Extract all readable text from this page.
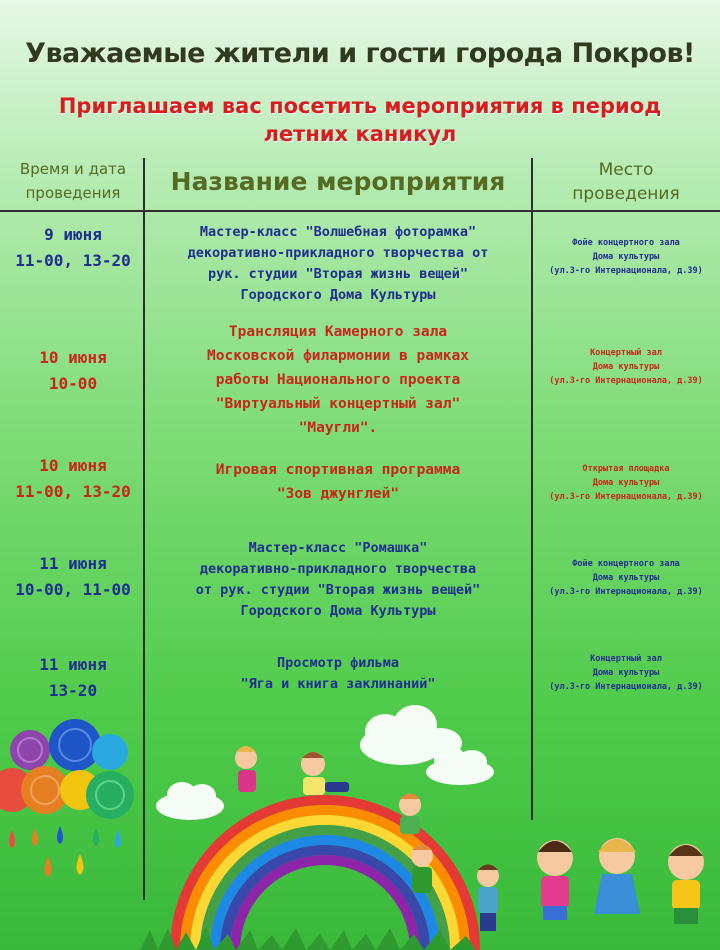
Уважаемые жители и гости города Покров!
Приглашаем вас посетить мероприятия в период
летних каникул
Время и дата
проведения	Название мероприятия	Место
проведения
9 июня
11-00, 13-20
Мастер-класс "Волшебная фоторамка"
декоративно-прикладного творчества от
рук. студии "Вторая жизнь вещей"
Городского Дома Культуры
Фойе концертного зала
Дома культуры
(ул.3-го Интернационала, д.39)
10 июня
10-00
Трансляция Камерного зала
Московской филармонии в рамках
работы Национального проекта
"Виртуальный концертный зал"
"Маугли".
Концертный зал
Дома культуры
(ул.3-го Интернационала, д.39)
10 июня
11-00, 13-20
Игровая спортивная программа
"Зов джунглей"
Открытая площадка
Дома культуры
(ул.3-го Интернационала, д.39)
11 июня
10-00, 11-00
Мастер-класс "Ромашка"
декоративно-прикладного творчества
от рук. студии "Вторая жизнь вещей"
Городского Дома Культуры
Фойе концертного зала
Дома культуры
(ул.3-го Интернационала, д.39)
11 июня
13-20
Просмотр фильма
"Яга и книга заклинаний"
Концертный зал
Дома культуры
(ул.3-го Интернационала, д.39)
